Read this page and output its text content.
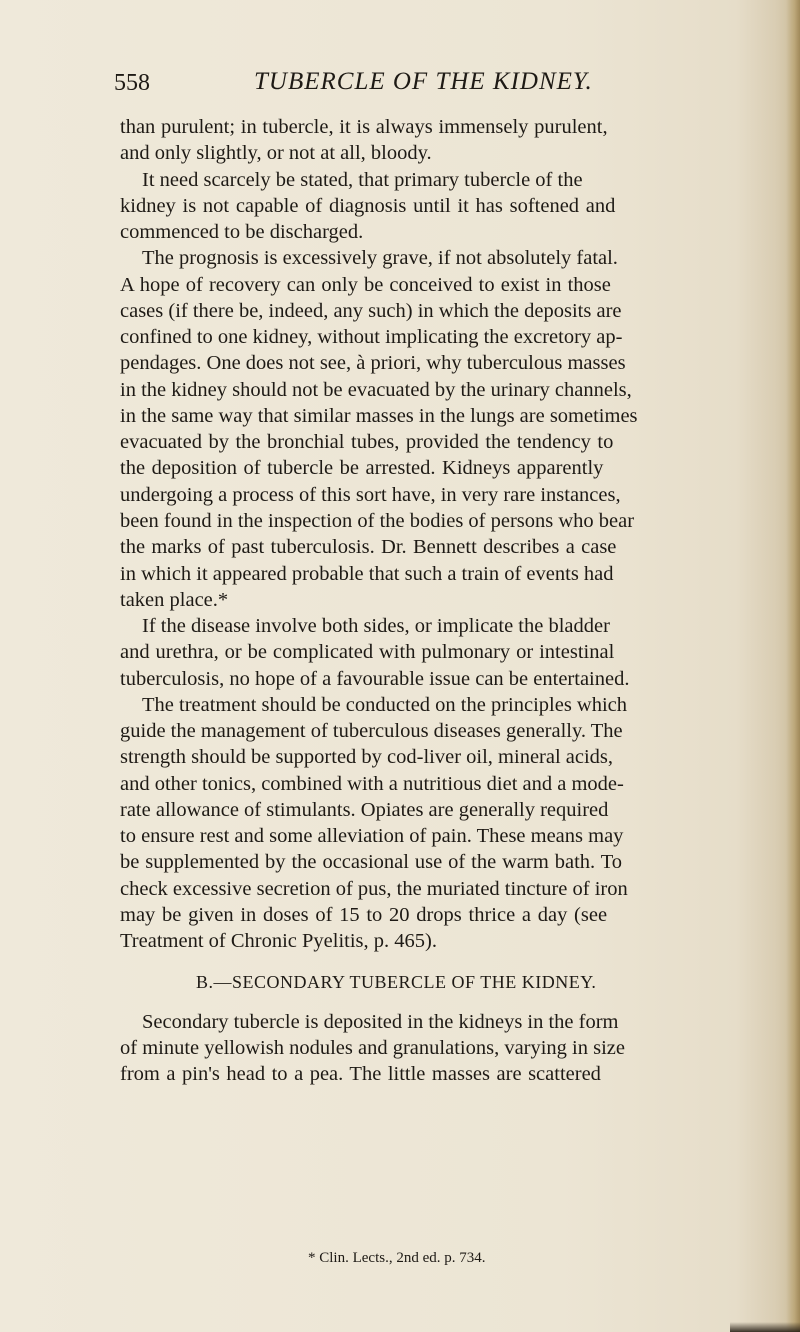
558	TUBERCLE OF THE KIDNEY.
than purulent; in tubercle, it is always immensely purulent,
and only slightly, or not at all, bloody.
It need scarcely be stated, that primary tubercle of the
kidney is not capable of diagnosis until it has softened and
commenced to be discharged.
The prognosis is excessively grave, if not absolutely fatal.
A hope of recovery can only be conceived to exist in those
cases (if there be, indeed, any such) in which the deposits are
confined to one kidney, without implicating the excretory ap-
pendages. One does not see, à priori, why tuberculous masses
in the kidney should not be evacuated by the urinary channels,
in the same way that similar masses in the lungs are sometimes
evacuated by the bronchial tubes, provided the tendency to
the deposition of tubercle be arrested. Kidneys apparently
undergoing a process of this sort have, in very rare instances,
been found in the inspection of the bodies of persons who bear
the marks of past tuberculosis. Dr. Bennett describes a case
in which it appeared probable that such a train of events had
taken place.*
If the disease involve both sides, or implicate the bladder
and urethra, or be complicated with pulmonary or intestinal
tuberculosis, no hope of a favourable issue can be entertained.
The treatment should be conducted on the principles which
guide the management of tuberculous diseases generally. The
strength should be supported by cod-liver oil, mineral acids,
and other tonics, combined with a nutritious diet and a mode-
rate allowance of stimulants. Opiates are generally required
to ensure rest and some alleviation of pain. These means may
be supplemented by the occasional use of the warm bath. To
check excessive secretion of pus, the muriated tincture of iron
may be given in doses of 15 to 20 drops thrice a day (see
Treatment of Chronic Pyelitis, p. 465).
B.—SECONDARY TUBERCLE OF THE KIDNEY.
Secondary tubercle is deposited in the kidneys in the form
of minute yellowish nodules and granulations, varying in size
from a pin's head to a pea. The little masses are scattered
* Clin. Lects., 2nd ed. p. 734.
